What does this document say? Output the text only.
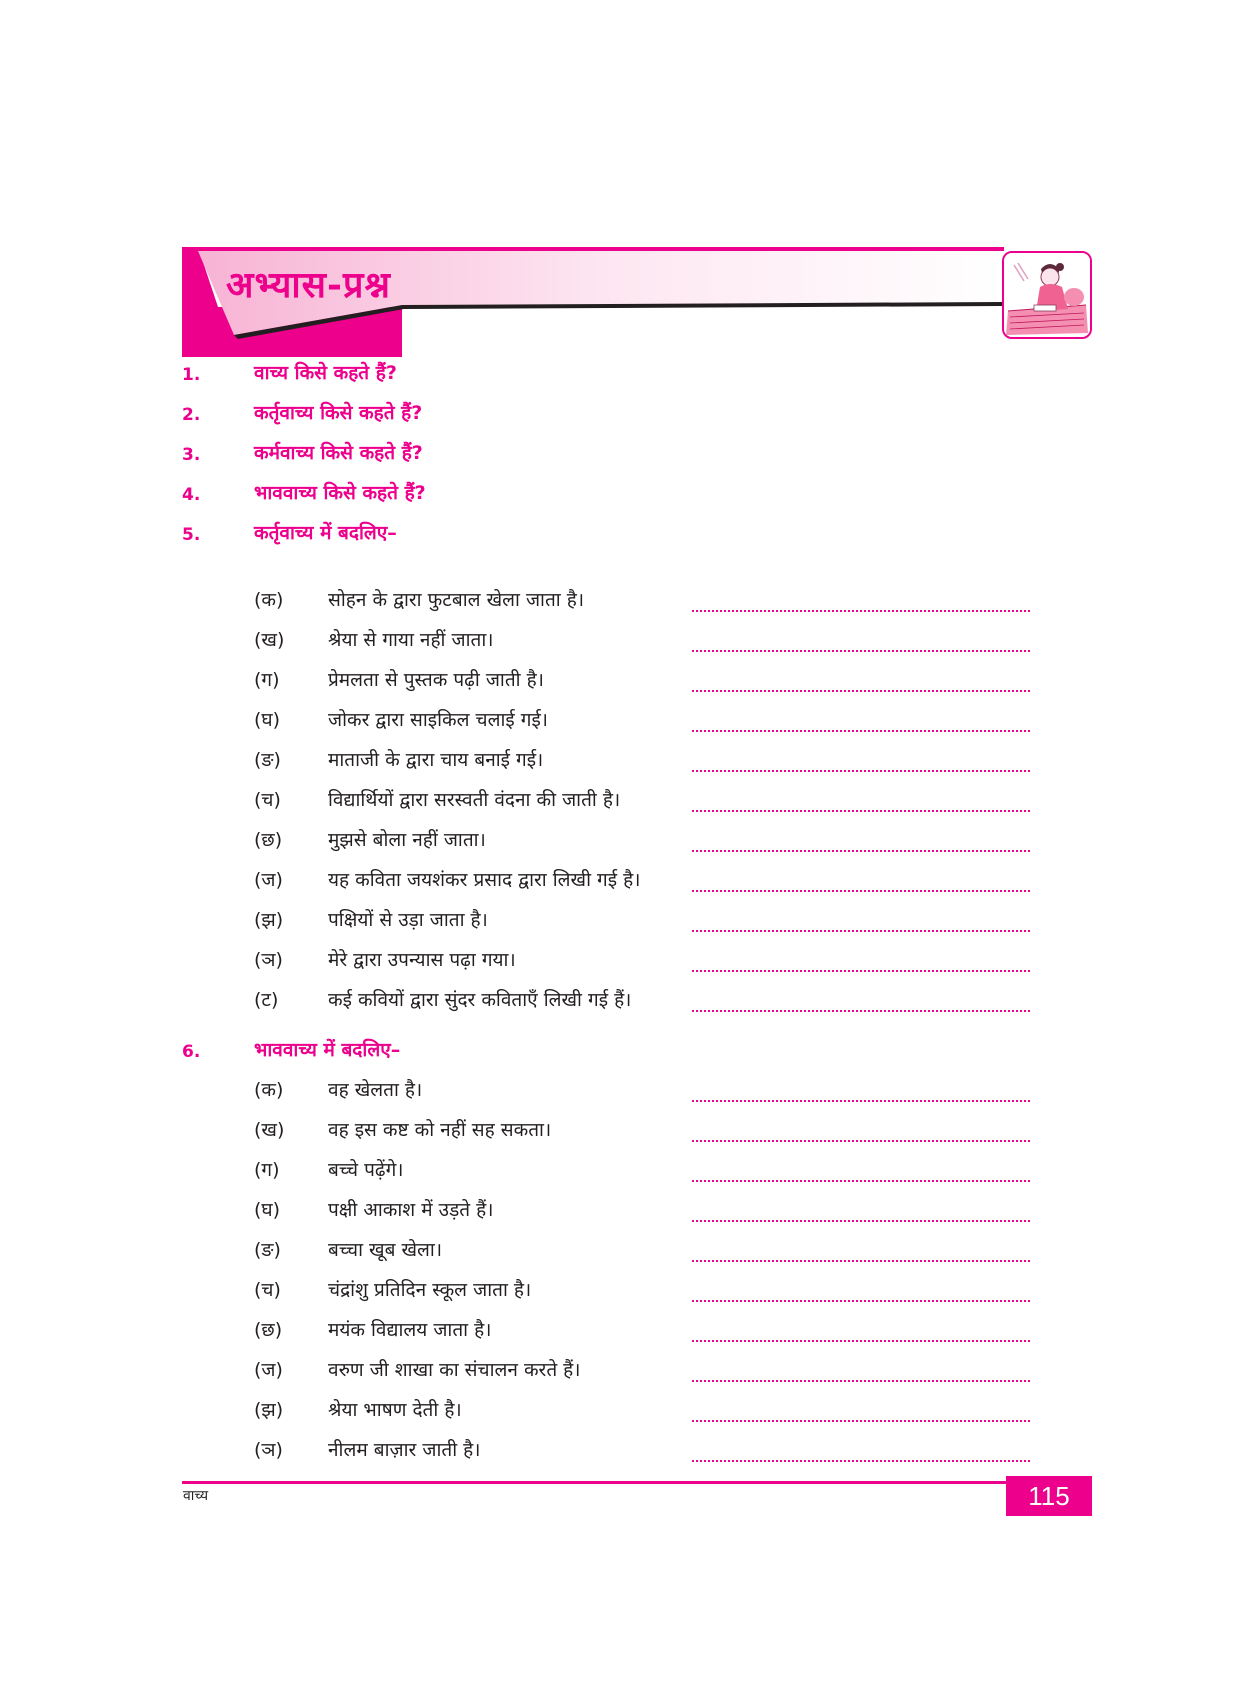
अभ्यास-प्रश्न
1.	वाच्य किसे कहते हैं?
2.	कर्तृवाच्य किसे कहते हैं?
3.	कर्मवाच्य किसे कहते हैं?
4.	भाववाच्य किसे कहते हैं?
5.	कर्तृवाच्य में बदलिए–
(क)	सोहन के द्वारा फुटबाल खेला जाता है।
(ख)	श्रेया से गाया नहीं जाता।
(ग)	प्रेमलता से पुस्तक पढ़ी जाती है।
(घ)	जोकर द्वारा साइकिल चलाई गई।
(ङ)	माताजी के द्वारा चाय बनाई गई।
(च)	विद्यार्थियों द्वारा सरस्वती वंदना की जाती है।
(छ)	मुझसे बोला नहीं जाता।
(ज)	यह कविता जयशंकर प्रसाद द्वारा लिखी गई है।
(झ)	पक्षियों से उड़ा जाता है।
(ञ)	मेरे द्वारा उपन्यास पढ़ा गया।
(ट)	कई कवियों द्वारा सुंदर कविताएँ लिखी गई हैं।
6.	भाववाच्य में बदलिए–
(क)	वह खेलता है।
(ख)	वह इस कष्ट को नहीं सह सकता।
(ग)	बच्चे पढ़ेंगे।
(घ)	पक्षी आकाश में उड़ते हैं।
(ङ)	बच्चा खूब खेला।
(च)	चंद्रांशु प्रतिदिन स्कूल जाता है।
(छ)	मयंक विद्यालय जाता है।
(ज)	वरुण जी शाखा का संचालन करते हैं।
(झ)	श्रेया भाषण देती है।
(ञ)	नीलम बाज़ार जाती है।
वाच्य	115
